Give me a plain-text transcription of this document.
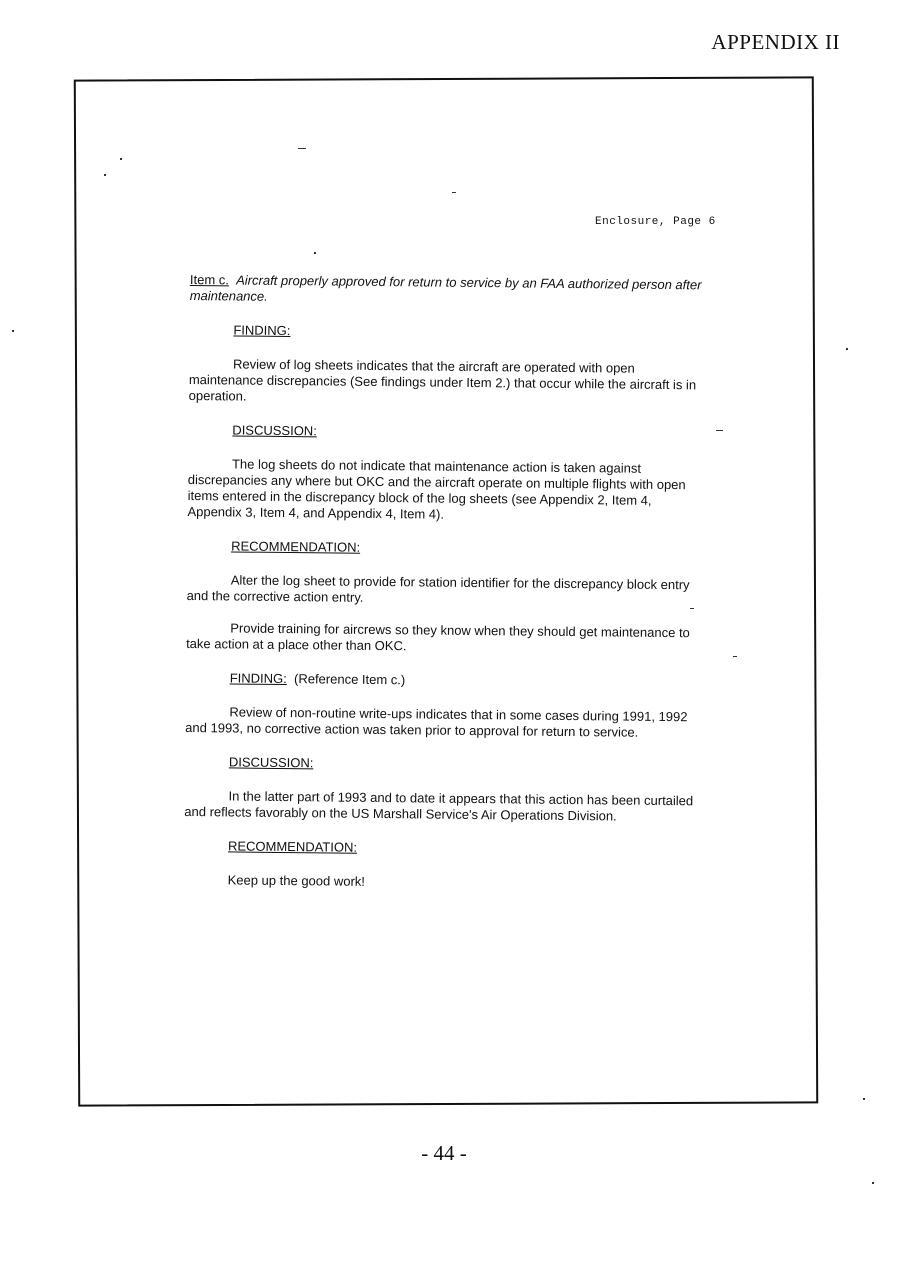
APPENDIX II
Enclosure, Page 6

Item c. Aircraft properly approved for return to service by an FAA authorized person after maintenance.

FINDING:

Review of log sheets indicates that the aircraft are operated with open maintenance discrepancies (See findings under Item 2.) that occur while the aircraft is in operation.

DISCUSSION:

The log sheets do not indicate that maintenance action is taken against discrepancies any where but OKC and the aircraft operate on multiple flights with open items entered in the discrepancy block of the log sheets (see Appendix 2, Item 4, Appendix 3, Item 4, and Appendix 4, Item 4).

RECOMMENDATION:

Alter the log sheet to provide for station identifier for the discrepancy block entry and the corrective action entry.

Provide training for aircrews so they know when they should get maintenance to take action at a place other than OKC.

FINDING: (Reference Item c.)

Review of non-routine write-ups indicates that in some cases during 1991, 1992 and 1993, no corrective action was taken prior to approval for return to service.

DISCUSSION:

In the latter part of 1993 and to date it appears that this action has been curtailed and reflects favorably on the US Marshall Service's Air Operations Division.

RECOMMENDATION:

Keep up the good work!

- 44 -
